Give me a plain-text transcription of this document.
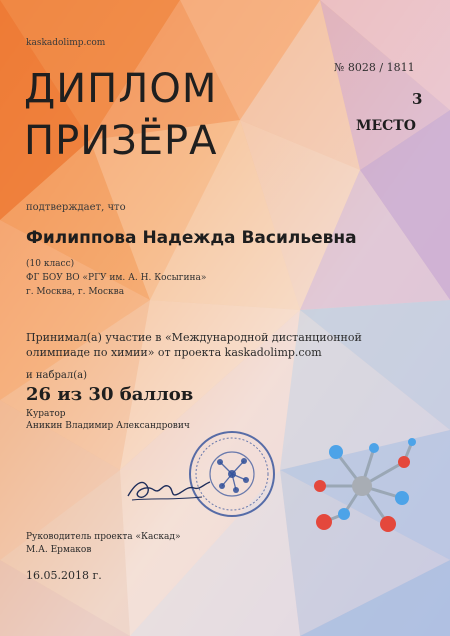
kaskadolimp.com
ДИПЛОМ
ПРИЗЁРА
№ 8028 / 1811
3
МЕСТО
подтверждает, что
Филиппова Надежда Васильевна
(10 класс)
ФГ БОУ ВО «РГУ им. А. Н. Косыгина»
г. Москва, г. Москва
Принимал(а) участие в «Международной дистанционной
олимпиаде по химии» от проекта kaskadolimp.com
и набрал(а)
26 из 30 баллов
Куратор
Аникин Владимир Александрович
Руководитель проекта «Каскад»
М.А. Ермаков
16.05.2018 г.
